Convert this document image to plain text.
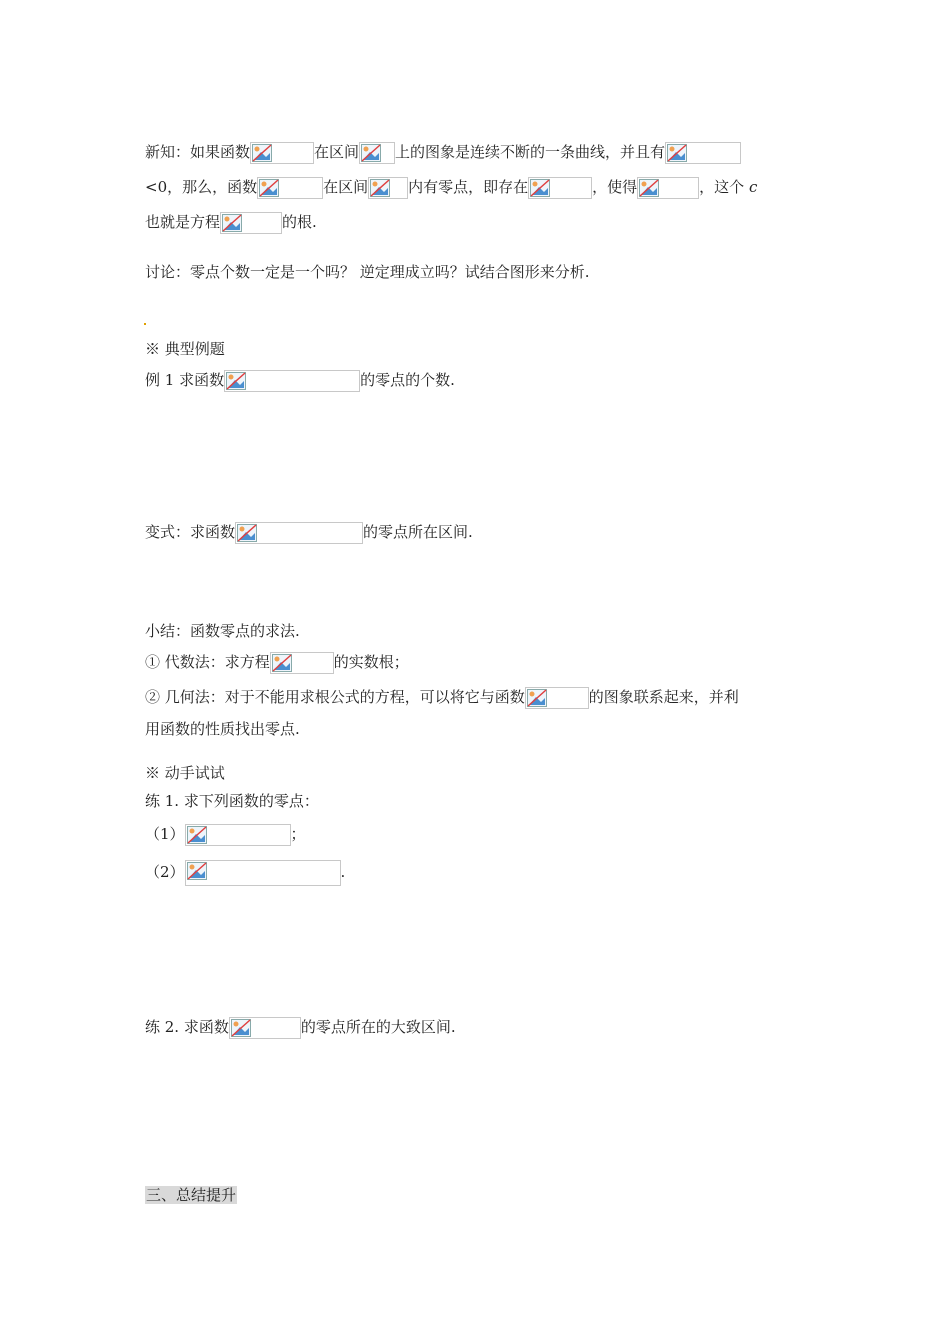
新知：如果函数	在区间 上的图象是连续不断的一条曲线，并且有
<0，那么，函数	在区间	内有零点，即存在	，使得	，这个 c
也就是方程	的根.
讨论：零点个数一定是一个吗？ 逆定理成立吗？试结合图形来分析.
※ 典型例题
例 1 求函数	的零点的个数.
变式：求函数	的零点所在区间.
小结：函数零点的求法.
① 代数法：求方程	的实数根；
② 几何法：对于不能用求根公式的方程，可以将它与函数	的图象联系起来，并利
用函数的性质找出零点.
※ 动手试试
练 1. 求下列函数的零点：
（1）	；
（2）	.
练 2. 求函数	的零点所在的大致区间.
三、总结提升
